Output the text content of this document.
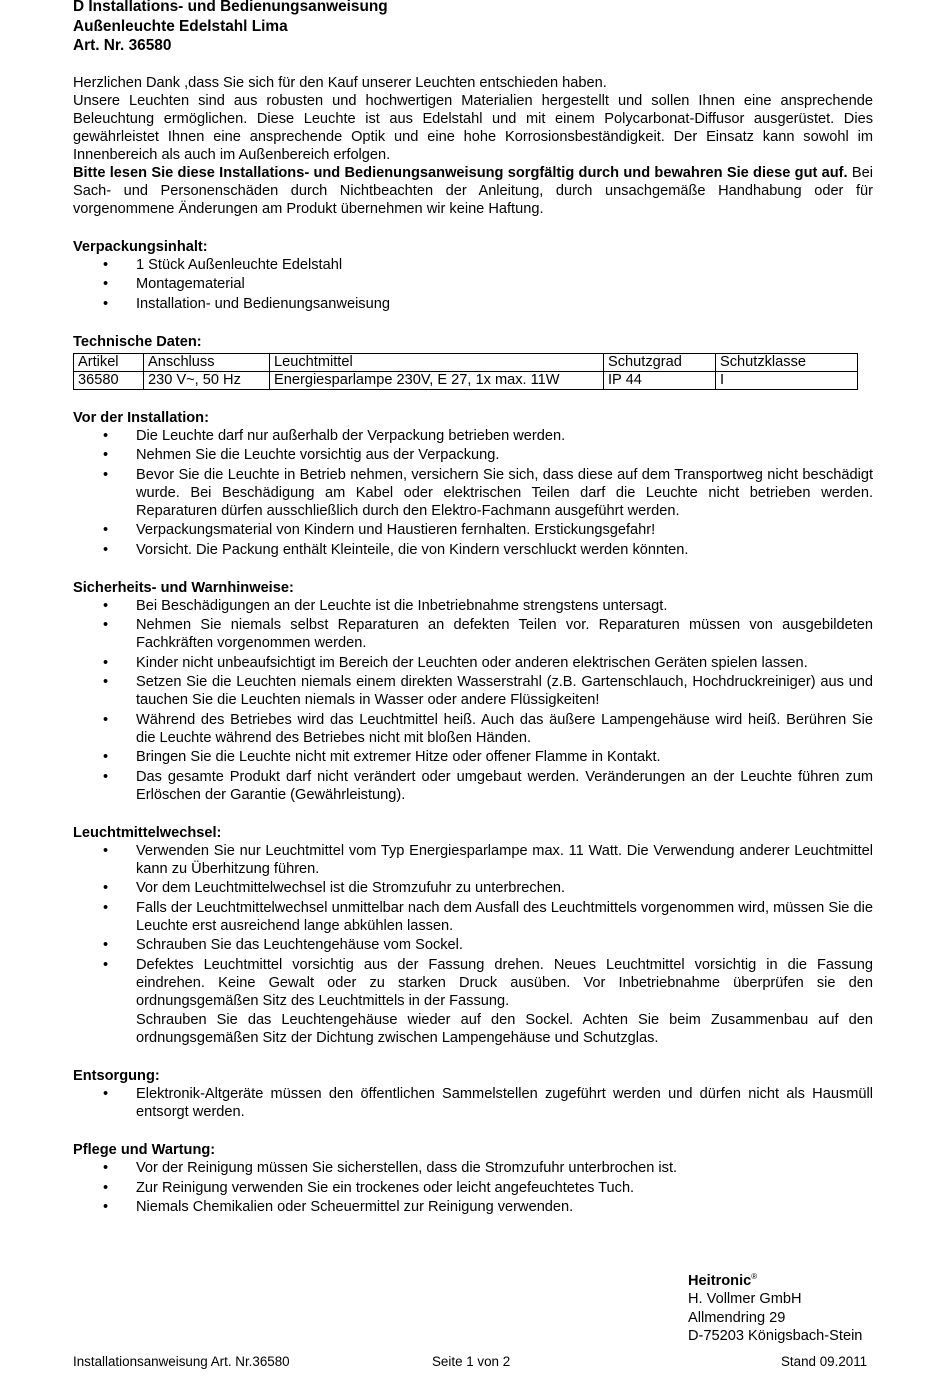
D Installations- und Bedienungsanweisung

Außenleuchte Edelstahl Lima

Art. Nr. 36580

Herzlichen Dank ,dass Sie sich für den Kauf unserer Leuchten entschieden haben.

Unsere Leuchten sind aus robusten und hochwertigen Materialien hergestellt und sollen Ihnen eine ansprechende Beleuchtung ermöglichen. Diese Leuchte ist aus Edelstahl und mit einem Polycarbonat-Diffusor ausgerüstet. Dies gewährleistet Ihnen eine ansprechende Optik und eine hohe Korrosionsbeständigkeit. Der Einsatz kann sowohl im Innenbereich als auch im Außenbereich erfolgen.

Bitte lesen Sie diese Installations- und Bedienungsanweisung sorgfältig durch und bewahren Sie diese gut auf. Bei Sach- und Personenschäden durch Nichtbeachten der Anleitung, durch unsachgemäße Handhabung oder für vorgenommene Änderungen am Produkt übernehmen wir keine Haftung.

Verpackungsinhalt:
• 1 Stück Außenleuchte Edelstahl
• Montagematerial
• Installation- und Bedienungsanweisung
Technische Daten:
Artikel	Anschluss	Leuchtmittel	Schutzgrad	Schutzklasse
36580	230 V~, 50 Hz	Energiesparlampe 230V, E 27, 1x max. 11W	IP 44	I
Vor der Installation:
• Die Leuchte darf nur außerhalb der Verpackung betrieben werden.
• Nehmen Sie die Leuchte vorsichtig aus der Verpackung.
• Bevor Sie die Leuchte in Betrieb nehmen, versichern Sie sich, dass diese auf dem Transportweg nicht beschädigt wurde. Bei Beschädigung am Kabel oder elektrischen Teilen darf die Leuchte nicht betrieben werden. Reparaturen dürfen ausschließlich durch den Elektro-Fachmann ausgeführt werden.
• Verpackungsmaterial von Kindern und Haustieren fernhalten. Erstickungsgefahr!
• Vorsicht. Die Packung enthält Kleinteile, die von Kindern verschluckt werden könnten.
Sicherheits- und Warnhinweise:
• Bei Beschädigungen an der Leuchte ist die Inbetriebnahme strengstens untersagt.
• Nehmen Sie niemals selbst Reparaturen an defekten Teilen vor. Reparaturen müssen von ausgebildeten Fachkräften vorgenommen werden.
• Kinder nicht unbeaufsichtigt im Bereich der Leuchten oder anderen elektrischen Geräten spielen lassen.
• Setzen Sie die Leuchten niemals einem direkten Wasserstrahl (z.B. Gartenschlauch, Hochdruckreiniger) aus und tauchen Sie die Leuchten niemals in Wasser oder andere Flüssigkeiten!
• Während des Betriebes wird das Leuchtmittel heiß. Auch das äußere Lampengehäuse wird heiß. Berühren Sie die Leuchte während des Betriebes nicht mit bloßen Händen.
• Bringen Sie die Leuchte nicht mit extremer Hitze oder offener Flamme in Kontakt.
• Das gesamte Produkt darf nicht verändert oder umgebaut werden. Veränderungen an der Leuchte führen zum Erlöschen der Garantie (Gewährleistung).
Leuchtmittelwechsel:
• Verwenden Sie nur Leuchtmittel vom Typ Energiesparlampe max. 11 Watt. Die Verwendung anderer Leuchtmittel kann zu Überhitzung führen.
• Vor dem Leuchtmittelwechsel ist die Stromzufuhr zu unterbrechen.
• Falls der Leuchtmittelwechsel unmittelbar nach dem Ausfall des Leuchtmittels vorgenommen wird, müssen Sie die Leuchte erst ausreichend lange abkühlen lassen.
• Schrauben Sie das Leuchtengehäuse vom Sockel.
• Defektes Leuchtmittel vorsichtig aus der Fassung drehen. Neues Leuchtmittel vorsichtig in die Fassung eindrehen. Keine Gewalt oder zu starken Druck ausüben. Vor Inbetriebnahme überprüfen sie den ordnungsgemäßen Sitz des Leuchtmittels in der Fassung.
Schrauben Sie das Leuchtengehäuse wieder auf den Sockel. Achten Sie beim Zusammenbau auf den ordnungsgemäßen Sitz der Dichtung zwischen Lampengehäuse und Schutzglas.
Entsorgung:
• Elektronik-Altgeräte müssen den öffentlichen Sammelstellen zugeführt werden und dürfen nicht als Hausmüll entsorgt werden.
Pflege und Wartung:
• Vor der Reinigung müssen Sie sicherstellen, dass die Stromzufuhr unterbrochen ist.
• Zur Reinigung verwenden Sie ein trockenes oder leicht angefeuchtetes Tuch.
• Niemals Chemikalien oder Scheuermittel zur Reinigung verwenden.
Heitronic®
H. Vollmer GmbH
Allmendring 29
D-75203 Königsbach-Stein
Installationsanweisung Art. Nr.36580	Seite 1 von 2	Stand 09.2011
